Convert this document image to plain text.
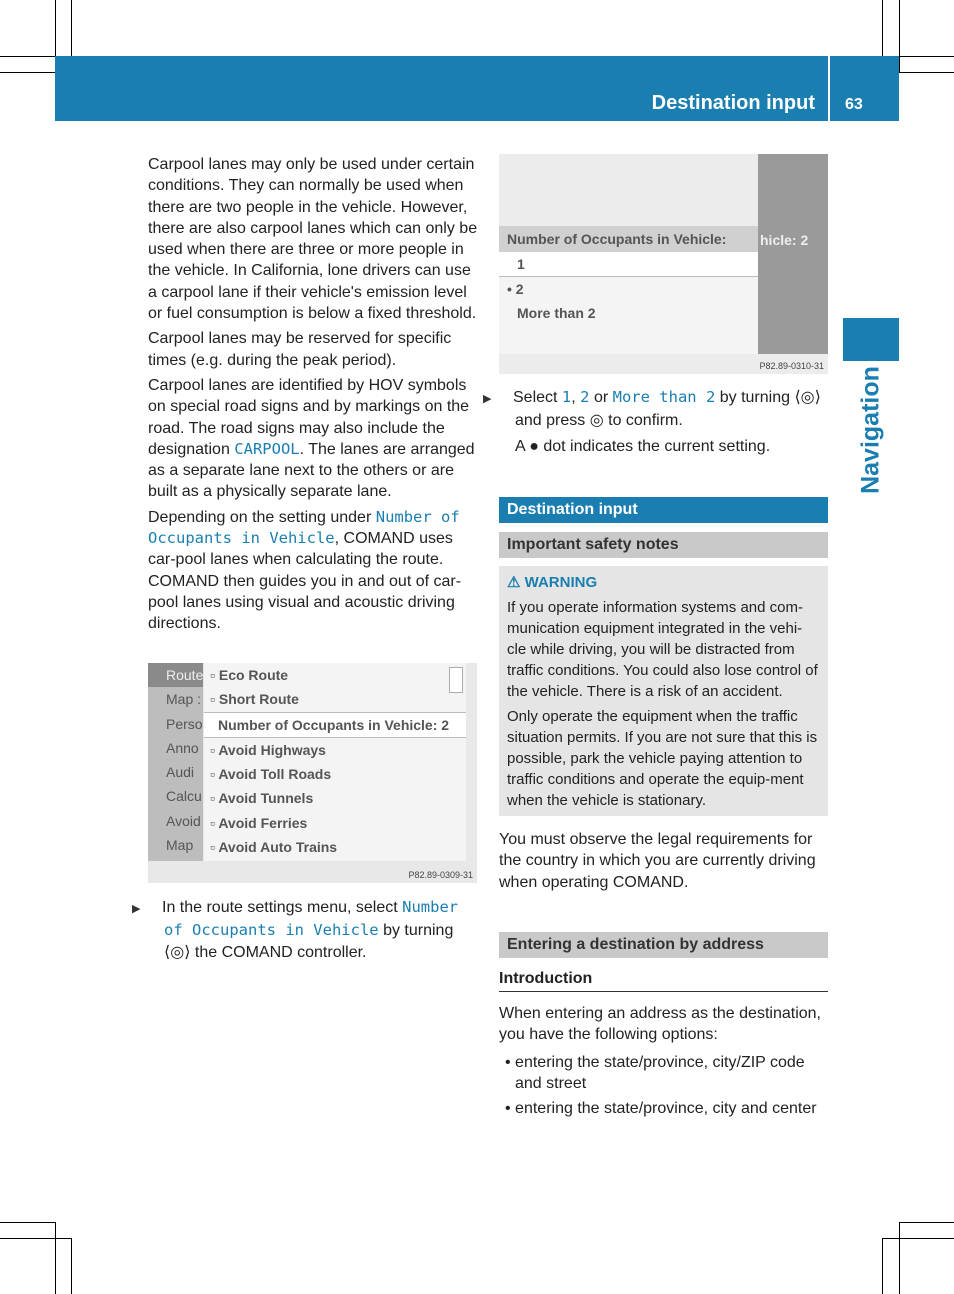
Destination input 63
Navigation

Carpool lanes may only be used under certain conditions. They can normally be used when there are two people in the vehicle. However, there are also carpool lanes which can only be used when there are three or more people in the vehicle. In California, lone drivers can use a carpool lane if their vehicle's emission level or fuel consumption is below a fixed threshold.

Carpool lanes may be reserved for specific times (e.g. during the peak period).

Carpool lanes are identified by HOV symbols on special road signs and by markings on the road. The road signs may also include the designation CARPOOL. The lanes are arranged as a separate lane next to the others or are built as a physically separate lane.

Depending on the setting under Number of Occupants in Vehicle, COMAND uses car-pool lanes when calculating the route. COMAND then guides you in and out of car-pool lanes using visual and acoustic driving directions.

Route
Map :
Perso
Anno
Audi
Calcu
Avoid
Map
▫ Eco Route
▫ Short Route
Number of Occupants in Vehicle: 2
▫ Avoid Highways
▫ Avoid Toll Roads
▫ Avoid Tunnels
▫ Avoid Ferries
▫ Avoid Auto Trains
P82.89-0309-31

▶ In the route settings menu, select Number of Occupants in Vehicle by turning ⟨◎⟩ the COMAND controller.

hicle: 2
Number of Occupants in Vehicle:
1
• 2
More than 2
P82.89-0310-31

▶ Select 1, 2 or More than 2 by turning ⟨◎⟩ and press ◎ to confirm.

A ● dot indicates the current setting.

Destination input
Important safety notes
⚠ WARNING

If you operate information systems and com-munication equipment integrated in the vehi-cle while driving, you will be distracted from traffic conditions. You could also lose control of the vehicle. There is a risk of an accident.

Only operate the equipment when the traffic situation permits. If you are not sure that this is possible, park the vehicle paying attention to traffic conditions and operate the equip-ment when the vehicle is stationary.

You must observe the legal requirements for the country in which you are currently driving when operating COMAND.

Entering a destination by address
Introduction

When entering an address as the destination, you have the following options:

• entering the state/province, city/ZIP code and street

• entering the state/province, city and center
